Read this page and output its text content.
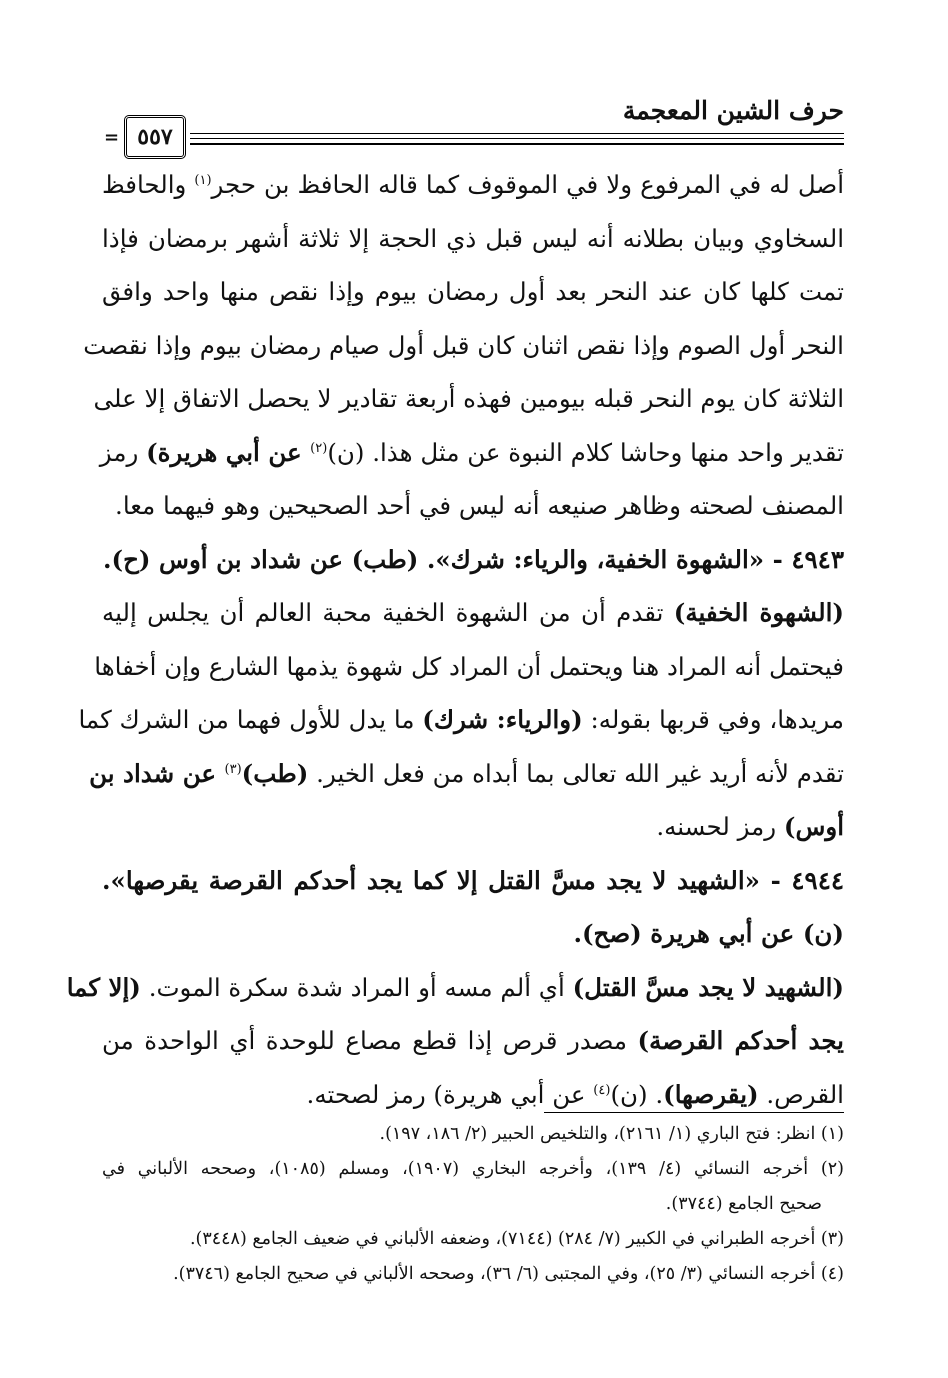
حرف الشين المعجمة
٥٥٧
=
أصل له في المرفوع ولا في الموقوف كما قاله الحافظ بن حجر$^{(١)}$ والحافظ
السخاوي وبيان بطلانه أنه ليس قبل ذي الحجة إلا ثلاثة أشهر برمضان فإذا
تمت كلها كان عند النحر بعد أول رمضان بيوم وإذا نقص منها واحد وافق
النحر أول الصوم وإذا نقص اثنان كان قبل أول صيام رمضان بيوم وإذا نقصت
الثلاثة كان يوم النحر قبله بيومين فهذه أربعة تقادير لا يحصل الاتفاق إلا على
تقدير واحد منها وحاشا كلام النبوة عن مثل هذا. (ن)$^{(٢)}$ عن أبي هريرة) رمز
المصنف لصحته وظاهر صنيعه أنه ليس في أحد الصحيحين وهو فيهما معا.
٤٩٤٣ - «الشهوة الخفية، والرياء: شرك». (طب) عن شداد بن أوس (ح).
(الشهوة الخفية) تقدم أن من الشهوة الخفية محبة العالم أن يجلس إليه
فيحتمل أنه المراد هنا ويحتمل أن المراد كل شهوة يذمها الشارع وإن أخفاها
مريدها، وفي قربها بقوله: (والرياء: شرك) ما يدل للأول فهما من الشرك كما
تقدم لأنه أريد غير الله تعالى بما أبداه من فعل الخير. (طب)$^{(٣)}$ عن شداد بن
أوس) رمز لحسنه.
٤٩٤٤ - «الشهيد لا يجد مسَّ القتل إلا كما يجد أحدكم القرصة يقرصها».
(ن) عن أبي هريرة (صح).
(الشهيد لا يجد مسَّ القتل) أي ألم مسه أو المراد شدة سكرة الموت. (إلا كما
يجد أحدكم القرصة) مصدر قرص إذا قطع مصاع للوحدة أي الواحدة من
القرص. (يقرصها). (ن)$^{(٤)}$ عن أبي هريرة) رمز لصحته.
(١) انظر: فتح الباري (١/ ٢١٦١)، والتلخيص الحبير (٢/ ١٨٦، ١٩٧).
(٢) أخرجه النسائي (٤/ ١٣٩)، وأخرجه البخاري (١٩٠٧)، ومسلم (١٠٨٥)، وصححه الألباني في
صحيح الجامع (٣٧٤٤).
(٣) أخرجه الطبراني في الكبير (٧/ ٢٨٤) (٧١٤٤)، وضعفه الألباني في ضعيف الجامع (٣٤٤٨).
(٤) أخرجه النسائي (٣/ ٢٥)، وفي المجتبى (٦/ ٣٦)، وصححه الألباني في صحيح الجامع (٣٧٤٦).
